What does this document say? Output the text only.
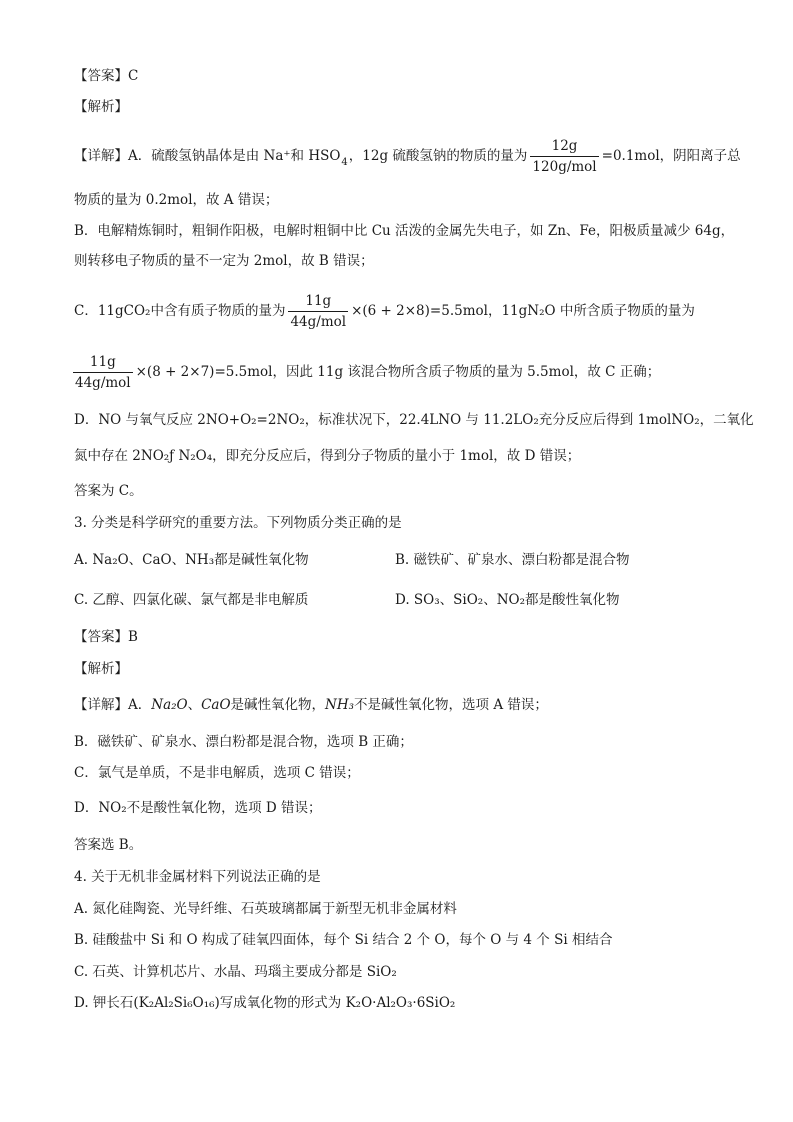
【答案】C
【解析】
【详解】A．硫酸氢钠晶体是由 Na⁺和 HSO
4 ，12g 硫酸氢钠的物质的量为 $\frac{12g}{\text{120g/mol}} =0.1mol$，阴阳离子总
物质的量为 0.2mol，故 A 错误；
B．电解精炼铜时，粗铜作阳极，电解时粗铜中比 Cu 活泼的金属先失电子，如 Zn、Fe，阳极质量减少 64g，
则转移电子物质的量不一定为 2mol，故 B 错误；
C．11gCO₂中含有质子物质的量为 $\frac{11g}{\text{44g/mol}} \times(6 + 2\times 8)=5.5mol$，11gN₂O 中所含质子物质的量为
$\frac{11g}{\text{44g/mol}} \times(8 + 2\times 7)=5.5mol$，因此 11g 该混合物所含质子物质的量为 5.5mol，故 C 正确；
D．NO 与氧气反应 2NO+O₂=2NO₂，标准状况下，22.4LNO 与 11.2LO₂充分反应后得到 1molNO₂，二氧化
氮中存在 2NO₂ƒ N₂O₄，即充分反应后，得到分子物质的量小于 1mol，故 D 错误；
答案为 C。
3. 分类是科学研究的重要方法。下列物质分类正确的是
A. Na₂O、CaO、NH₃都是碱性氧化物	B. 磁铁矿、矿泉水、漂白粉都是混合物
C. 乙醇、四氯化碳、氯气都是非电解质	D. SO₃、SiO₂、NO₂都是酸性氧化物
【答案】B
【解析】
【详解】A．Na₂O、CaO是碱性氧化物，NH₃不是碱性氧化物，选项 A 错误；
B．磁铁矿、矿泉水、漂白粉都是混合物，选项 B 正确；
C．氯气是单质，不是非电解质，选项 C 错误；
D．NO₂不是酸性氧化物，选项 D 错误；
答案选 B。
4. 关于无机非金属材料下列说法正确的是
A. 氮化硅陶瓷、光导纤维、石英玻璃都属于新型无机非金属材料
B. 硅酸盐中 Si 和 O 构成了硅氧四面体，每个 Si 结合 2 个 O，每个 O 与 4 个 Si 相结合
C. 石英、计算机芯片、水晶、玛瑙主要成分都是 SiO₂
D. 钾长石(K₂Al₂Si₆O₁₆)写成氧化物的形式为 K₂O·Al₂O₃·6SiO₂
